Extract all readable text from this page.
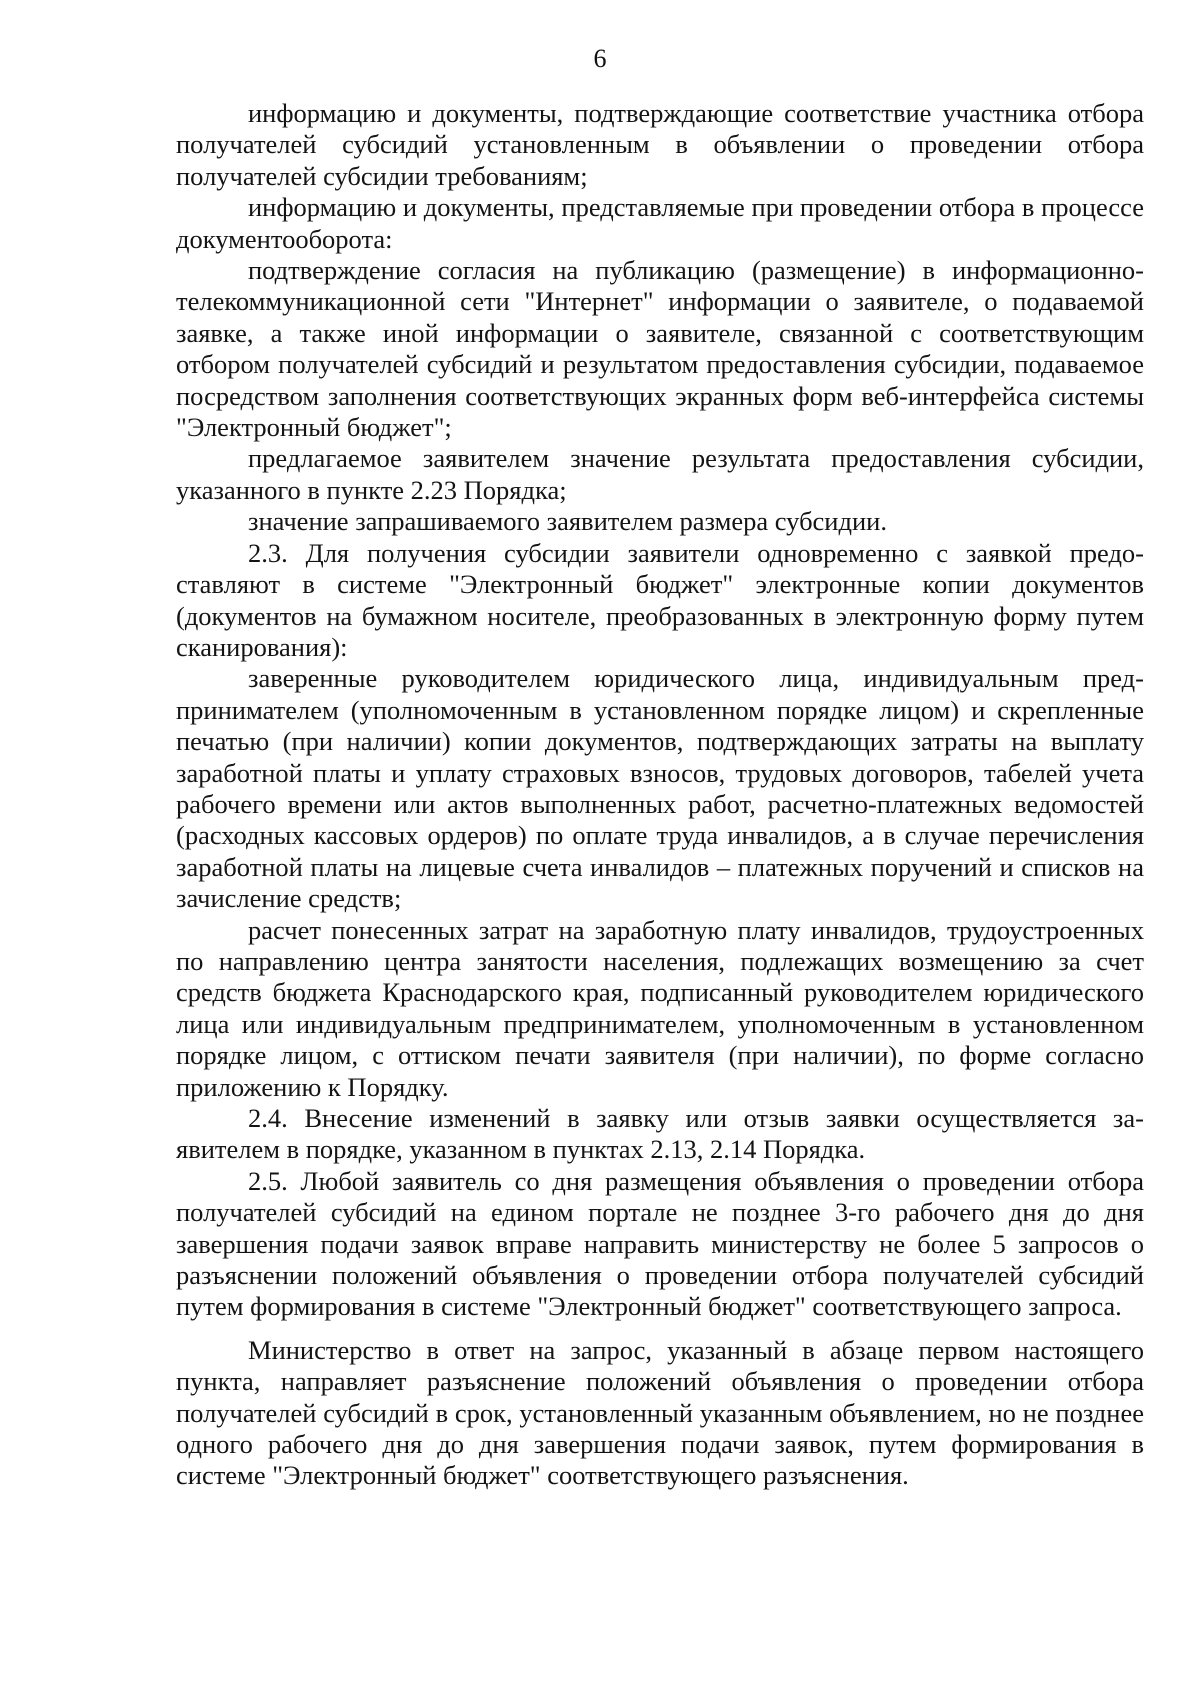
6

информацию и документы, подтверждающие соответствие участника отбора получателей субсидий установленным в объявлении о проведении отбора получателей субсидии требованиям;

информацию и документы, представляемые при проведении отбора в процессе документооборота:

подтверждение согласия на публикацию (размещение) в информационно-телекоммуникационной сети "Интернет" информации о заявителе, о подаваемой заявке, а также иной информации о заявителе, связанной с соответствующим отбором получателей субсидий и результатом предоставления субсидии, подаваемое посредством заполнения соответствующих экранных форм веб-интерфейса системы "Электронный бюджет";

предлагаемое заявителем значение результата предоставления субсидии, указанного в пункте 2.23 Порядка;

значение запрашиваемого заявителем размера субсидии.

2.3. Для получения субсидии заявители одновременно с заявкой предоставляют в системе "Электронный бюджет" электронные копии документов (документов на бумажном носителе, преобразованных в электронную форму путем сканирования):

заверенные руководителем юридического лица, индивидуальным предпринимателем (уполномоченным в установленном порядке лицом) и скрепленные печатью (при наличии) копии документов, подтверждающих затраты на выплату заработной платы и уплату страховых взносов, трудовых договоров, табелей учета рабочего времени или актов выполненных работ, расчетно-платежных ведомостей (расходных кассовых ордеров) по оплате труда инвалидов, а в случае перечисления заработной платы на лицевые счета инвалидов – платежных поручений и списков на зачисление средств;

расчет понесенных затрат на заработную плату инвалидов, трудоустроенных по направлению центра занятости населения, подлежащих возмещению за счет средств бюджета Краснодарского края, подписанный руководителем юридического лица или индивидуальным предпринимателем, уполномоченным в установленном порядке лицом, с оттиском печати заявителя (при наличии), по форме согласно приложению к Порядку.

2.4. Внесение изменений в заявку или отзыв заявки осуществляется заявителем в порядке, указанном в пунктах 2.13, 2.14 Порядка.

2.5. Любой заявитель со дня размещения объявления о проведении отбора получателей субсидий на едином портале не позднее 3-го рабочего дня до дня завершения подачи заявок вправе направить министерству не более 5 запросов о разъяснении положений объявления о проведении отбора получателей субсидий путем формирования в системе "Электронный бюджет" соответствующего запроса.

Министерство в ответ на запрос, указанный в абзаце первом настоящего пункта, направляет разъяснение положений объявления о проведении отбора получателей субсидий в срок, установленный указанным объявлением, но не позднее одного рабочего дня до дня завершения подачи заявок, путем формирования в системе "Электронный бюджет" соответствующего разъяснения.
